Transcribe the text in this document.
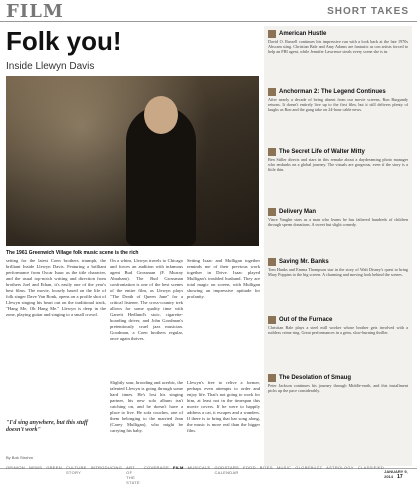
FILM	SHORT TAKES
Folk you!
Inside Llewyn Davis
The 1961 Greenwich Village folk music scene is the rich

setting for the latest Coen brothers triumph, the brilliant Inside Llewyn Davis. Featuring a brilliant performance from Oscar Isaac as the title character, and the usual top-notch writing and direction from brothers Joel and Ethan, it's easily one of the year's best films. The movie, loosely based on the life of folk singer Dave Van Ronk, opens on a profile shot of Llewyn singing his heart out on the traditional track, "Hang Me, Oh Hang Me." Llewyn is deep in the zone, playing guitar and singing to a small crowd.

On a whim, Llewyn travels to Chicago and forces an audition with infamous agent Bud Grossman (F. Murray Abraham). The Bud Grossman confrontation is one of the best scenes of the entire film, as Llewyn plays "The Death of Queen Jane" for a critical listener. The cross-country trek allows for some quality time with Garrett Hedlund's stoic, cigarette-hoarding driver, and John Goodman's pretentiously cruel jazz musician. Goodman, a Coen brothers regular, once again thrives.

Setting Isaac and Mulligan together reminds me of their previous work together in Drive. Isaac played Mulligan's troubled husband. They are total magic on screen, with Mulligan showing an impressive aptitude for profanity.

Slightly sour, brooding and acerbic, the talented Llewyn is going through some hard times. He's lost his singing partner, his new solo album isn't catching on, and he doesn't have a place to live. He sofa couches, one of them belonging to the married Jean (Carey Mulligan), who might be carrying his baby.

Llewyn's free to relive a former, perhaps even attempts to order and enjoy life. That's not going to work for him, at least not in the timespan this movie covers. If he were to happily address a cat, it escapes and a wanders. If there is to bring that bar song along, the music is more real than the bigger film.

"I'd sing anywhere, but this stuff doesn't work"
By Bob Strohm
American Hustle
David O. Russell continues his impressive run with a look back at the late 1970s Abscam sting. Christian Bale and Amy Adams are fantastic as con artists forced to help an FBI agent, while Jennifer Lawrence steals every scene she is in.
Anchorman 2: The Legend Continues
After nearly a decade of being absent from our movie screens, Ron Burgundy returns. It doesn't entirely live up to the first film, but it still delivers plenty of laughs as Ron and the gang take on 24-hour cable news.
The Secret Life of Walter Mitty
Ben Stiller directs and stars in this remake about a daydreaming photo manager who embarks on a global journey. The visuals are gorgeous, even if the story is a little thin.
Delivery Man
Vince Vaughn stars as a man who learns he has fathered hundreds of children through sperm donations. A sweet but slight comedy.
Saving Mr. Banks
Tom Hanks and Emma Thompson star in the story of Walt Disney's quest to bring Mary Poppins to the big screen. A charming and moving look behind the scenes.
Out of the Furnace
Christian Bale plays a steel mill worker whose brother gets involved with a ruthless crime ring. Great performances in a grim, slow-burning thriller.
The Desolation of Smaug
Peter Jackson continues his journey through Middle-earth, and this installment picks up the pace considerably.
OPINION NEWS GREEN CULTURE STORY
INTRODUCING ART OF THE STATE
COVERAGE FILM MUSICALE GODSTARS CALENDAR
FOOD BITES MUSIC GLOBEBUZZ ASTROLOGY CLASSIFIED
JANUARY 9, 2014 17
